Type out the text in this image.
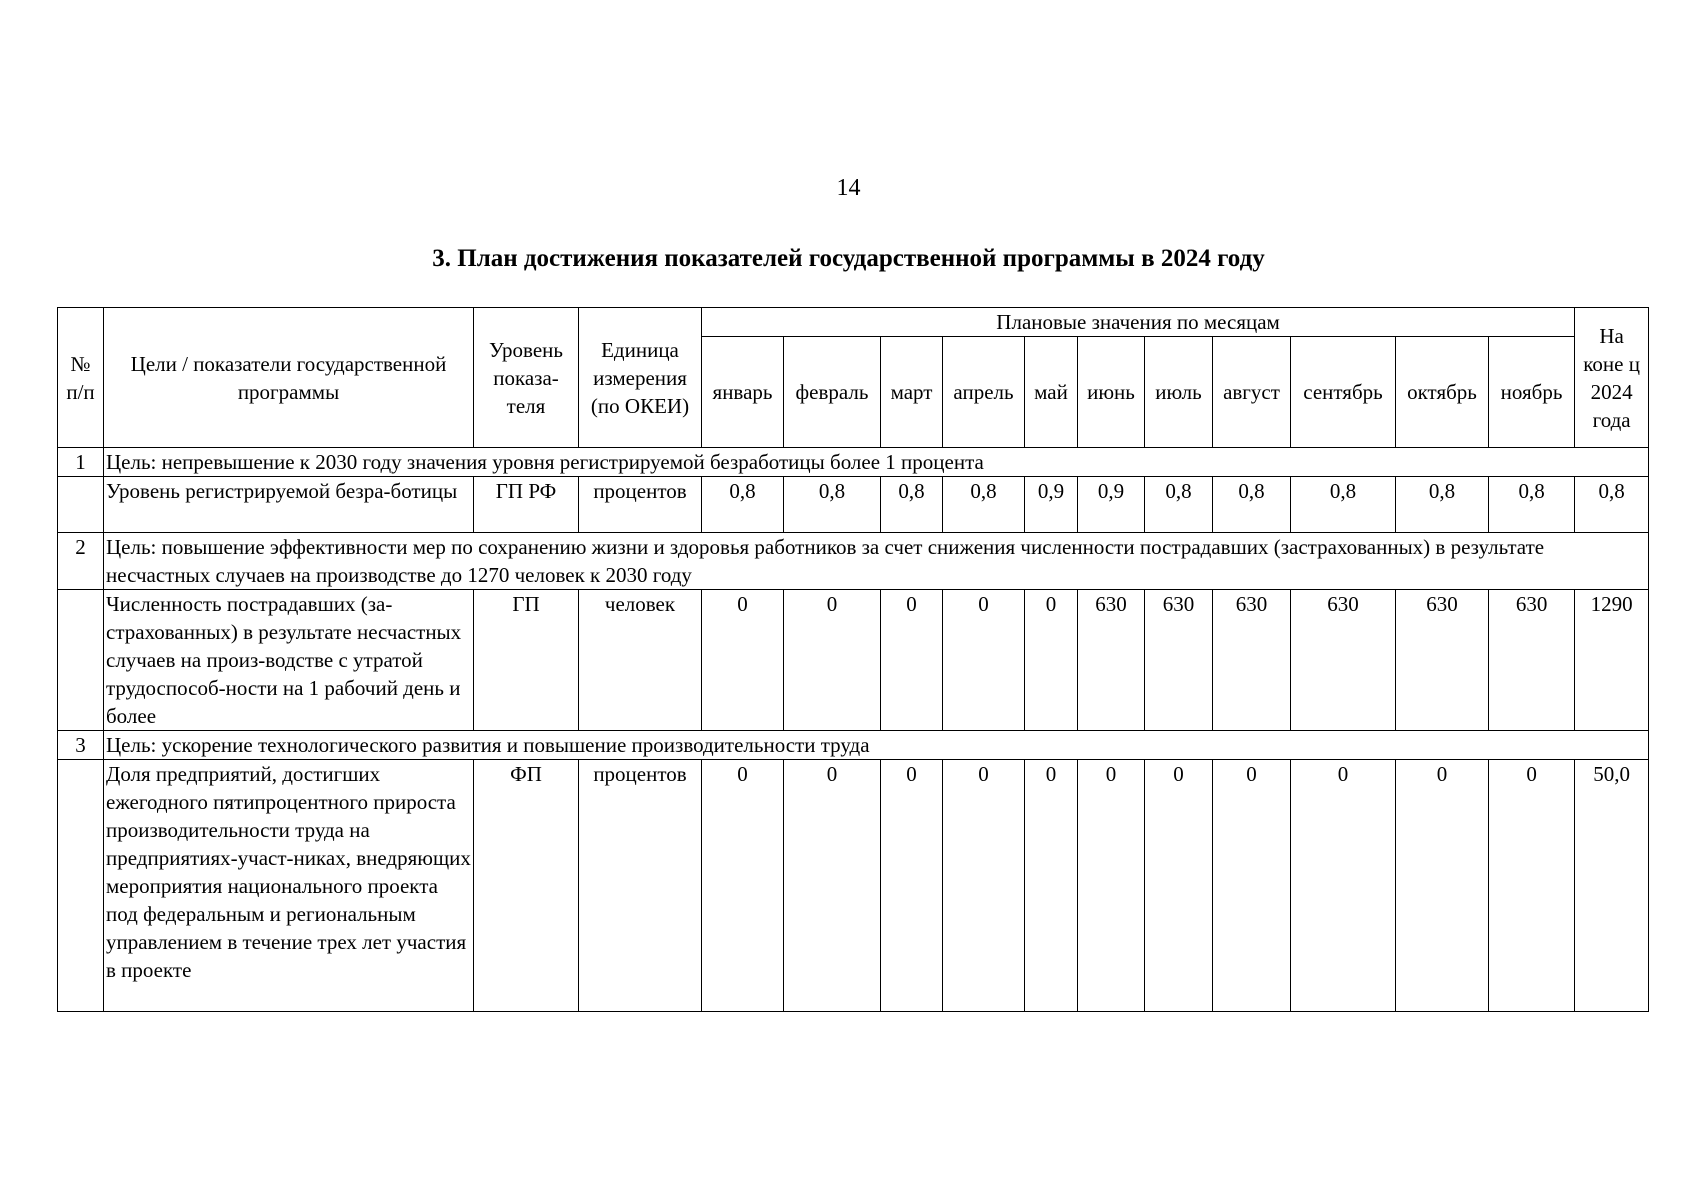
14
3. План достижения показателей государственной программы в 2024 году
№ п/п	Цели / показатели государственной программы	Уровень показа-теля	Единица измерения (по ОКЕИ)	Плановые значения по месяцам											На коне ц 2024 года
				январь	февраль	март	апрель	май	июнь	июль	август	сентябрь	октябрь	ноябрь	
1	Цель: непревышение к 2030 году значения уровня регистрируемой безработицы более 1 процента														
	Уровень регистрируемой безра-ботицы	ГП РФ	процентов	0,8	0,8	0,8	0,8	0,9	0,9	0,8	0,8	0,8	0,8	0,8	0,8
2	Цель: повышение эффективности мер по сохранению жизни и здоровья работников за счет снижения численности пострадавших (застрахованных) в результате несчастных случаев на производстве до 1270 человек к 2030 году														
	Численность пострадавших (за-страхованных) в результате несчастных случаев на произ-водстве с утратой трудоспособ-ности на 1 рабочий день и более	ГП	человек	0	0	0	0	0	630	630	630	630	630	630	1290
3	Цель: ускорение технологического развития и повышение производительности труда														
	Доля предприятий, достигших ежегодного пятипроцентного прироста производительности труда на предприятиях-участ-никах, внедряющих мероприятия национального проекта под федеральным и региональным управлением в течение трех лет участия в проекте	ФП	процентов	0	0	0	0	0	0	0	0	0	0	0	50,0
